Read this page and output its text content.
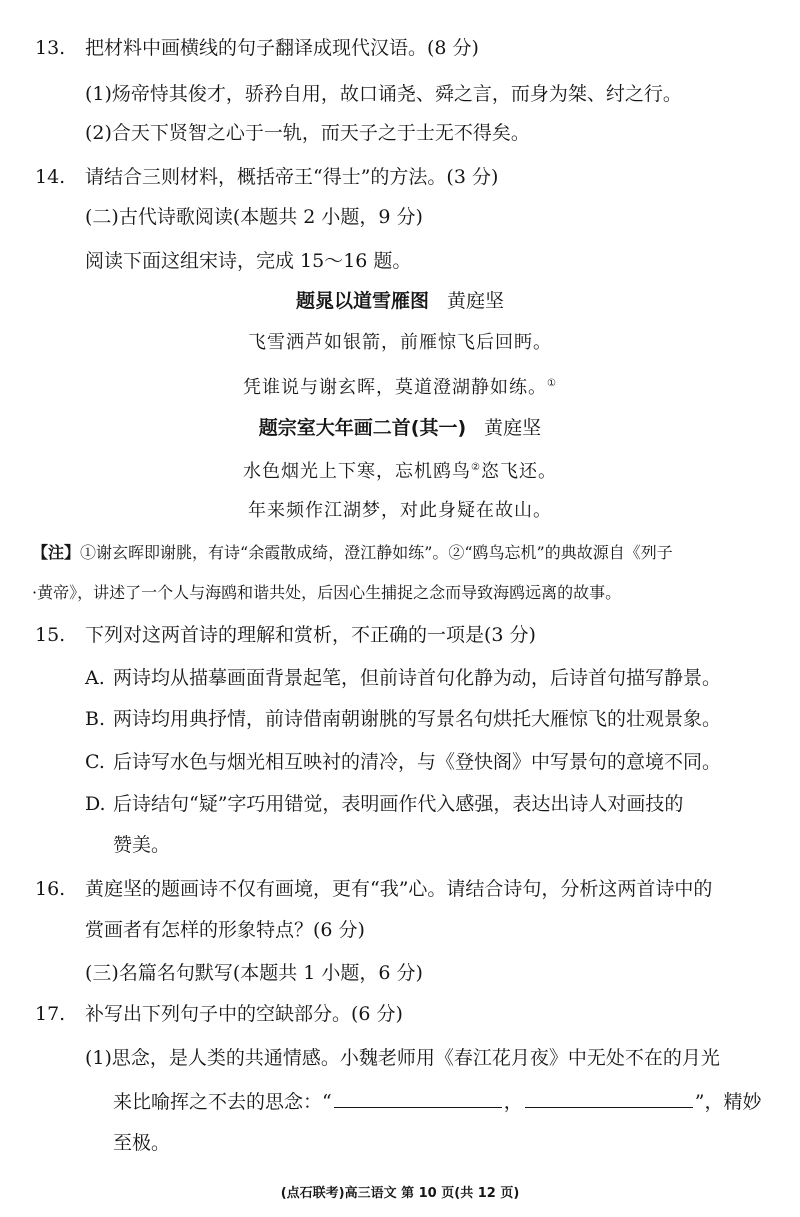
13. 把材料中画横线的句子翻译成现代汉语。(8 分)
(1)炀帝恃其俊才，骄矜自用，故口诵尧、舜之言，而身为桀、纣之行。
(2)合天下贤智之心于一轨，而天子之于士无不得矣。
14. 请结合三则材料，概括帝王“得士”的方法。(3 分)
(二)古代诗歌阅读(本题共 2 小题，9 分)
阅读下面这组宋诗，完成 15～16 题。
题晁以道雪雁图 黄庭坚
飞雪洒芦如银箭，前雁惊飞后回眄。
凭谁说与谢玄晖，莫道澄湖静如练。①
题宗室大年画二首(其一) 黄庭坚
水色烟光上下寒，忘机鸥鸟②恣飞还。
年来频作江湖梦，对此身疑在故山。
【注】①谢玄晖即谢朓，有诗“余霞散成绮，澄江静如练”。②“鸥鸟忘机”的典故源自《列子
·黄帝》，讲述了一个人与海鸥和谐共处，后因心生捕捉之念而导致海鸥远离的故事。
15. 下列对这两首诗的理解和赏析，不正确的一项是(3 分)
A. 两诗均从描摹画面背景起笔，但前诗首句化静为动，后诗首句描写静景。
B. 两诗均用典抒情，前诗借南朝谢朓的写景名句烘托大雁惊飞的壮观景象。
C. 后诗写水色与烟光相互映衬的清冷，与《登快阁》中写景句的意境不同。
D. 后诗结句“疑”字巧用错觉，表明画作代入感强，表达出诗人对画技的
赞美。
16. 黄庭坚的题画诗不仅有画境，更有“我”心。请结合诗句，分析这两首诗中的
赏画者有怎样的形象特点？(6 分)
(三)名篇名句默写(本题共 1 小题，6 分)
17. 补写出下列句子中的空缺部分。(6 分)
(1)思念，是人类的共通情感。小魏老师用《春江花月夜》中无处不在的月光
来比喻挥之不去的思念：“	，	”，精妙
至极。
(点石联考)高三语文 第 10 页(共 12 页)
